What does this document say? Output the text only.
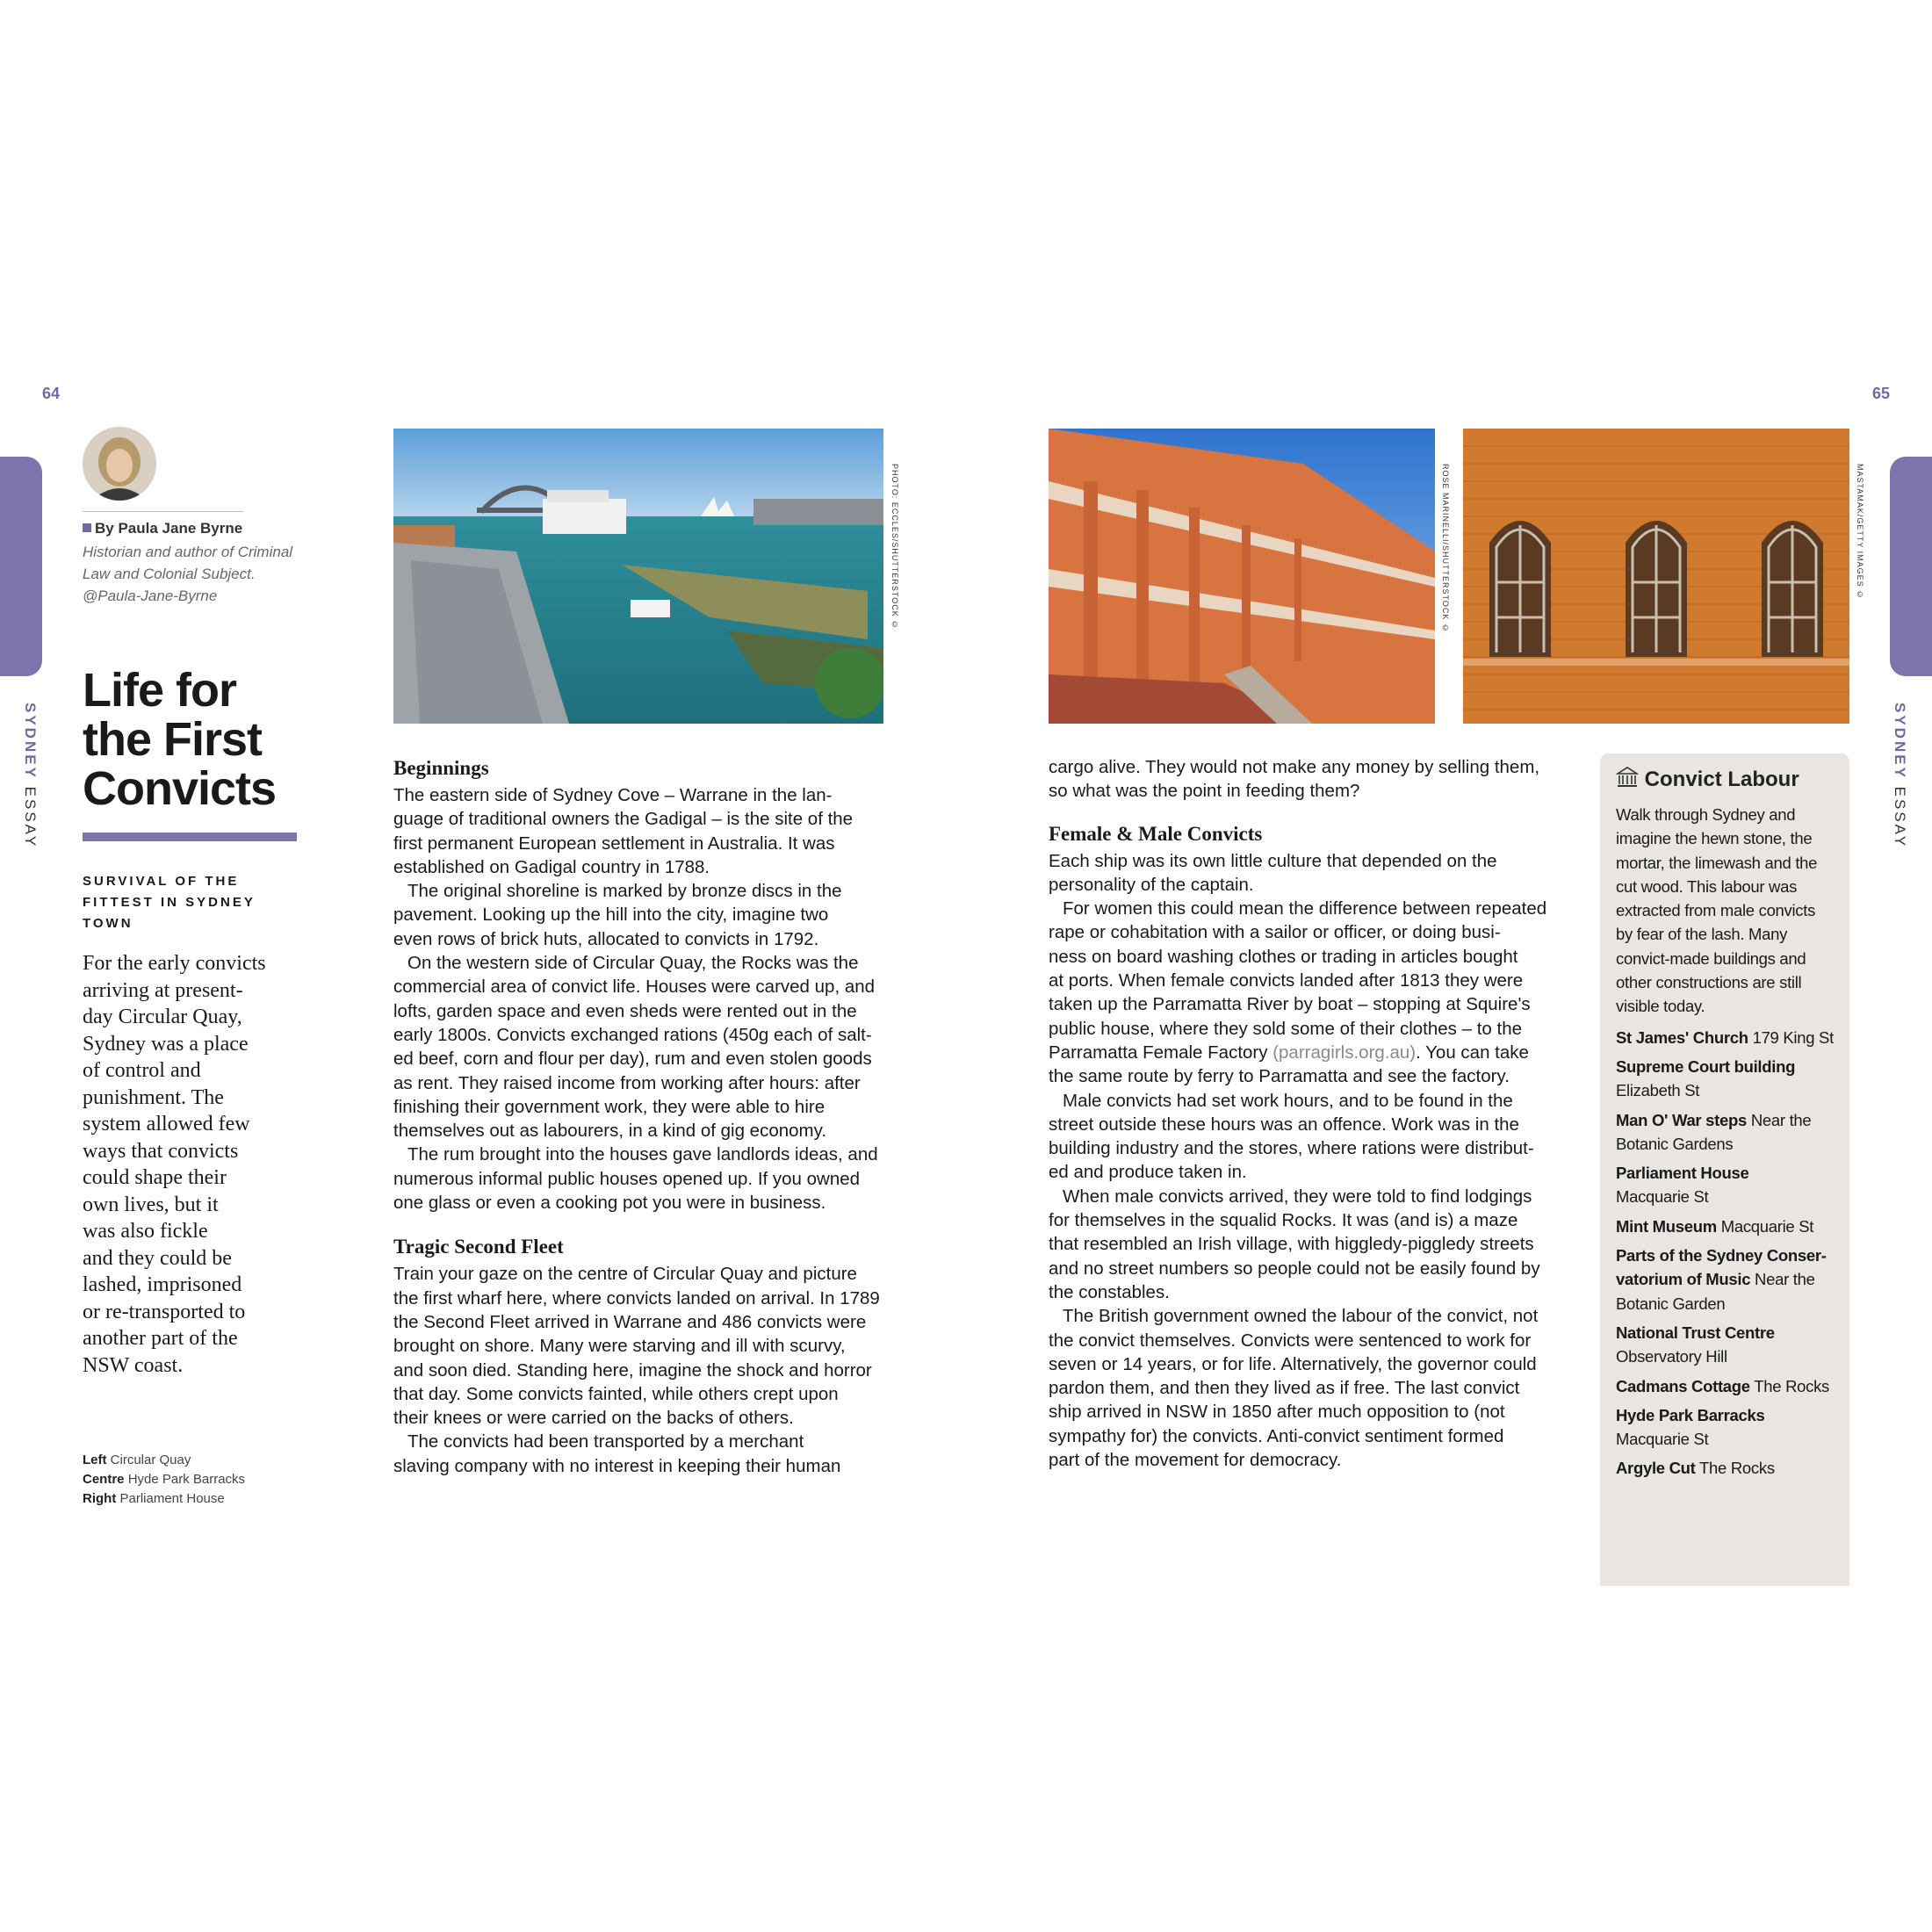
64	65
SYDNEY ESSAY
SYDNEY ESSAY
By Paula Jane Byrne
Historian and author of Criminal
Law and Colonial Subject.
@Paula-Jane-Byrne
Life for
the First
Convicts
SURVIVAL OF THE
FITTEST IN SYDNEY
TOWN
For the early convicts
arriving at present-
day Circular Quay,
Sydney was a place
of control and
punishment. The
system allowed few
ways that convicts
could shape their
own lives, but it
was also fickle
and they could be
lashed, imprisoned
or re-transported to
another part of the
NSW coast.
Left Circular Quay
Centre Hyde Park Barracks
Right Parliament House
PHOTO: ECCLES/SHUTTERSTOCK ©	ROSE MARINELLI/SHUTTERSTOCK ©	MASTAMAK/GETTY IMAGES ©
Beginnings

The eastern side of Sydney Cove – Warrane in the lan-
guage of traditional owners the Gadigal – is the site of the
first permanent European settlement in Australia. It was
established on Gadigal country in 1788.

The original shoreline is marked by bronze discs in the
pavement. Looking up the hill into the city, imagine two
even rows of brick huts, allocated to convicts in 1792.

On the western side of Circular Quay, the Rocks was the
commercial area of convict life. Houses were carved up, and
lofts, garden space and even sheds were rented out in the
early 1800s. Convicts exchanged rations (450g each of salt-
ed beef, corn and flour per day), rum and even stolen goods
as rent. They raised income from working after hours: after
finishing their government work, they were able to hire
themselves out as labourers, in a kind of gig economy.

The rum brought into the houses gave landlords ideas, and
numerous informal public houses opened up. If you owned
one glass or even a cooking pot you were in business.

Tragic Second Fleet

Train your gaze on the centre of Circular Quay and picture
the first wharf here, where convicts landed on arrival. In 1789
the Second Fleet arrived in Warrane and 486 convicts were
brought on shore. Many were starving and ill with scurvy,
and soon died. Standing here, imagine the shock and horror
that day. Some convicts fainted, while others crept upon
their knees or were carried on the backs of others.

The convicts had been transported by a merchant
slaving company with no interest in keeping their human

cargo alive. They would not make any money by selling them,
so what was the point in feeding them?

Female & Male Convicts

Each ship was its own little culture that depended on the
personality of the captain.

For women this could mean the difference between repeated
rape or cohabitation with a sailor or officer, or doing busi-
ness on board washing clothes or trading in articles bought
at ports. When female convicts landed after 1813 they were
taken up the Parramatta River by boat – stopping at Squire's
public house, where they sold some of their clothes – to the
Parramatta Female Factory (parragirls.org.au). You can take
the same route by ferry to Parramatta and see the factory.

Male convicts had set work hours, and to be found in the
street outside these hours was an offence. Work was in the
building industry and the stores, where rations were distribut-
ed and produce taken in.

When male convicts arrived, they were told to find lodgings
for themselves in the squalid Rocks. It was (and is) a maze
that resembled an Irish village, with higgledy-piggledy streets
and no street numbers so people could not be easily found by
the constables.

The British government owned the labour of the convict, not
the convict themselves. Convicts were sentenced to work for
seven or 14 years, or for life. Alternatively, the governor could
pardon them, and then they lived as if free. The last convict
ship arrived in NSW in 1850 after much opposition to (not
sympathy for) the convicts. Anti-convict sentiment formed
part of the movement for democracy.

Convict Labour

Walk through Sydney and
imagine the hewn stone, the
mortar, the limewash and the
cut wood. This labour was
extracted from male convicts
by fear of the lash. Many
convict-made buildings and
other constructions are still
visible today.

St James' Church 179 King St

Supreme Court building
Elizabeth St

Man O' War steps Near the
Botanic Gardens

Parliament House
Macquarie St

Mint Museum Macquarie St

Parts of the Sydney Conser-
vatorium of Music Near the
Botanic Garden

National Trust Centre
Observatory Hill

Cadmans Cottage The Rocks

Hyde Park Barracks
Macquarie St

Argyle Cut The Rocks
